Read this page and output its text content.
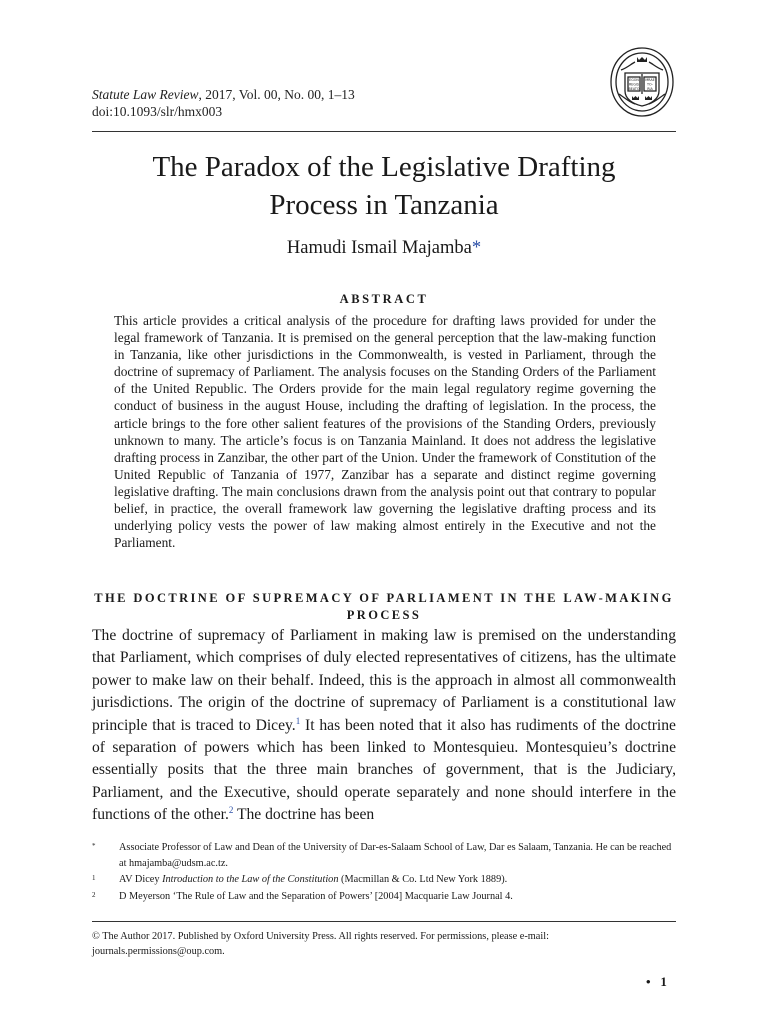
Statute Law Review, 2017, Vol. 00, No. 00, 1–13
doi:10.1093/slr/hmx003
EGON
REGIS
BEATO
MRAE
TO-
RIA
The Paradox of the Legislative Drafting
Process in Tanzania
Hamudi Ismail Majamba*
ABSTRACT
This article provides a critical analysis of the procedure for drafting laws provided for under the legal framework of Tanzania. It is premised on the general perception that the law-making function in Tanzania, like other jurisdictions in the Commonwealth, is vested in Parliament, through the doctrine of supremacy of Parliament. The analysis focuses on the Standing Orders of the Parliament of the United Republic. The Orders provide for the main legal regulatory regime governing the conduct of business in the august House, including the drafting of legislation. In the process, the article brings to the fore other salient features of the provisions of the Standing Orders, previously unknown to many. The article’s focus is on Tanzania Mainland. It does not address the legislative drafting process in Zanzibar, the other part of the Union. Under the framework of Constitution of the United Republic of Tanzania of 1977, Zanzibar has a separate and distinct regime governing legislative drafting. The main conclusions drawn from the analysis point out that contrary to popular belief, in practice, the overall framework law governing the legislative drafting process and its underlying policy vests the power of law making almost entirely in the Executive and not the Parliament.
THE DOCTRINE OF SUPREMACY OF PARLIAMENT IN THE LAW-MAKING PROCESS

The doctrine of supremacy of Parliament in making law is premised on the understanding that Parliament, which comprises of duly elected representatives of citizens, has the ultimate power to make law on their behalf. Indeed, this is the approach in almost all commonwealth jurisdictions. The origin of the doctrine of supremacy of Parliament is a constitutional law principle that is traced to Dicey.$^1$ It has been noted that it also has rudiments of the doctrine of separation of powers which has been linked to Montesquieu. Montesquieu’s doctrine essentially posits that the three main branches of government, that is the Judiciary, Parliament, and the Executive, should operate separately and none should interfere in the functions of the other.$^2$ The doctrine has been

* Associate Professor of Law and Dean of the University of Dar-es-Salaam School of Law, Dar es Salaam, Tanzania. He can be reached at hmajamba@udsm.ac.tz.
1 AV Dicey Introduction to the Law of the Constitution (Macmillan & Co. Ltd New York 1889).
2 D Meyerson ‘The Rule of Law and the Separation of Powers’ [2004] Macquarie Law Journal 4.
© The Author 2017. Published by Oxford University Press. All rights reserved. For permissions, please e-mail: journals.permissions@oup.com.
•   1
